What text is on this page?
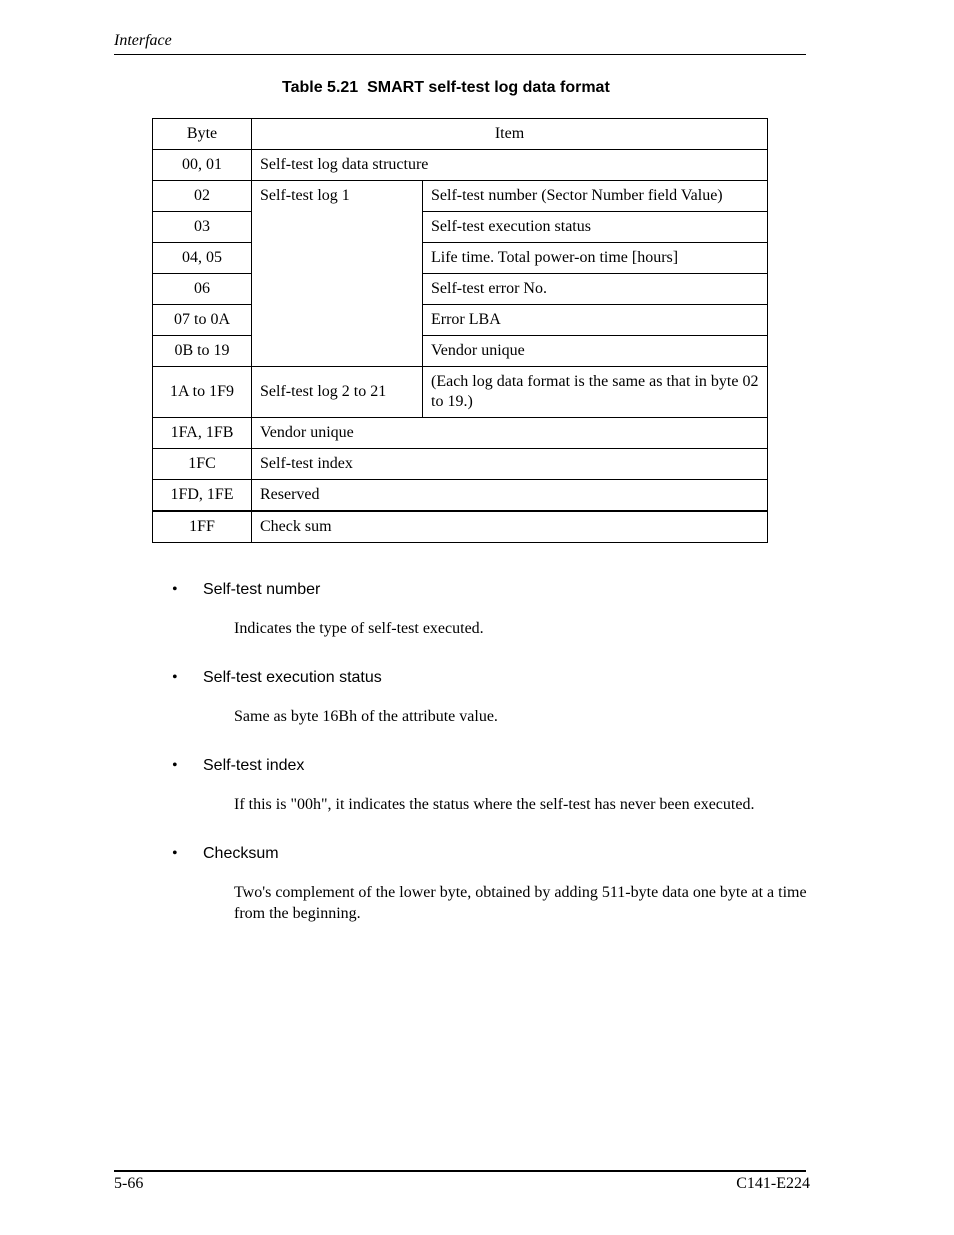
Interface
Table 5.21  SMART self-test log data format
Byte	Item	
00, 01	Self-test log data structure	
02	Self-test log 1	Self-test number (Sector Number field Value)
03		Self-test execution status
04, 05		Life time. Total power-on time [hours]
06		Self-test error No.
07 to 0A		Error LBA
0B to 19		Vendor unique
1A to 1F9	Self-test log 2 to 21	(Each log data format is the same as that in byte 02 to 19.)
1FA, 1FB	Vendor unique	
1FC	Self-test index	
1FD, 1FE	Reserved	
1FF	Check sum	
• Self-test number
Indicates the type of self-test executed.
• Self-test execution status
Same as byte 16Bh of the attribute value.
• Self-test index
If this is "00h", it indicates the status where the self-test has never been executed.
• Checksum
Two's complement of the lower byte, obtained by adding 511-byte data one byte at a time from the beginning.
5-66	C141-E224
